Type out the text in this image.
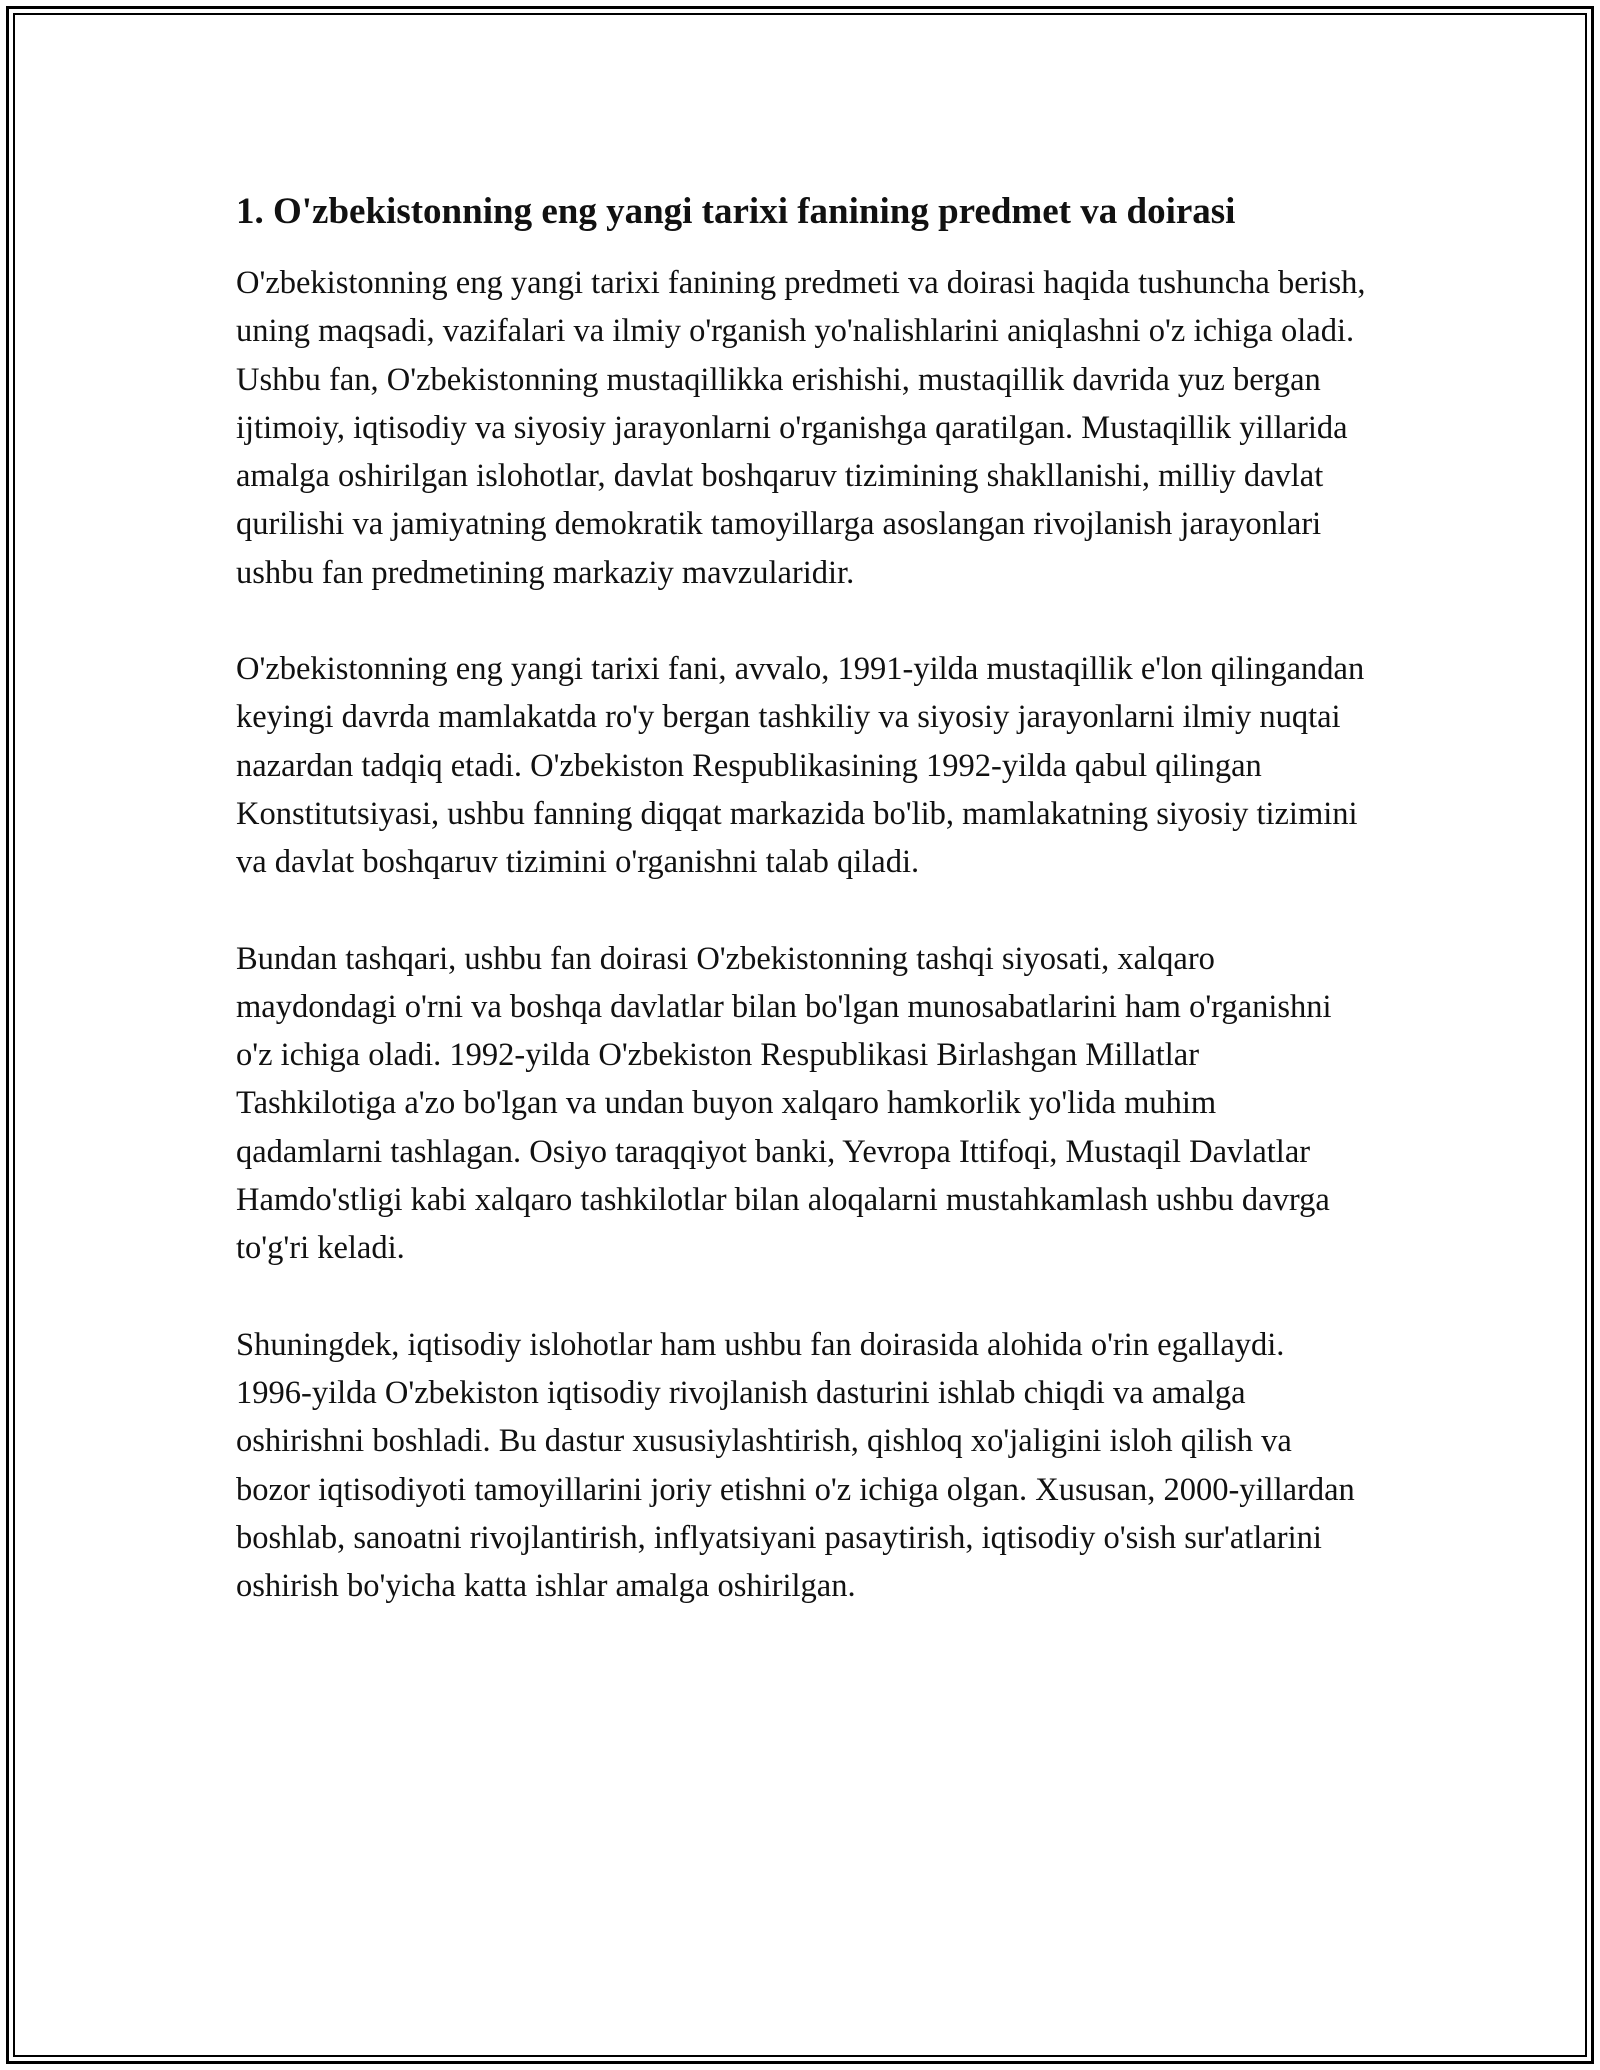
1. O'zbekistonning eng yangi tarixi fanining predmet va doirasi

O'zbekistonning eng yangi tarixi fanining predmeti va doirasi haqida tushuncha berish, uning maqsadi, vazifalari va ilmiy o'rganish yo'nalishlarini aniqlashni o'z ichiga oladi. Ushbu fan, O'zbekistonning mustaqillikka erishishi, mustaqillik davrida yuz bergan ijtimoiy, iqtisodiy va siyosiy jarayonlarni o'rganishga qaratilgan. Mustaqillik yillarida amalga oshirilgan islohotlar, davlat boshqaruv tizimining shakllanishi, milliy davlat qurilishi va jamiyatning demokratik tamoyillarga asoslangan rivojlanish jarayonlari ushbu fan predmetining markaziy mavzularidir.

O'zbekistonning eng yangi tarixi fani, avvalo, 1991-yilda mustaqillik e'lon qilingandan keyingi davrda mamlakatda ro'y bergan tashkiliy va siyosiy jarayonlarni ilmiy nuqtai nazardan tadqiq etadi. O'zbekiston Respublikasining 1992-yilda qabul qilingan Konstitutsiyasi, ushbu fanning diqqat markazida bo'lib, mamlakatning siyosiy tizimini va davlat boshqaruv tizimini o'rganishni talab qiladi.

Bundan tashqari, ushbu fan doirasi O'zbekistonning tashqi siyosati, xalqaro maydondagi o'rni va boshqa davlatlar bilan bo'lgan munosabatlarini ham o'rganishni o'z ichiga oladi. 1992-yilda O'zbekiston Respublikasi Birlashgan Millatlar Tashkilotiga a'zo bo'lgan va undan buyon xalqaro hamkorlik yo'lida muhim qadamlarni tashlagan. Osiyo taraqqiyot banki, Yevropa Ittifoqi, Mustaqil Davlatlar Hamdo'stligi kabi xalqaro tashkilotlar bilan aloqalarni mustahkamlash ushbu davrga to'g'ri keladi.

Shuningdek, iqtisodiy islohotlar ham ushbu fan doirasida alohida o'rin egallaydi. 1996-yilda O'zbekiston iqtisodiy rivojlanish dasturini ishlab chiqdi va amalga oshirishni boshladi. Bu dastur xususiylashtirish, qishloq xo'jaligini isloh qilish va bozor iqtisodiyoti tamoyillarini joriy etishni o'z ichiga olgan. Xususan, 2000-yillardan boshlab, sanoatni rivojlantirish, inflyatsiyani pasaytirish, iqtisodiy o'sish sur'atlarini oshirish bo'yicha katta ishlar amalga oshirilgan.
